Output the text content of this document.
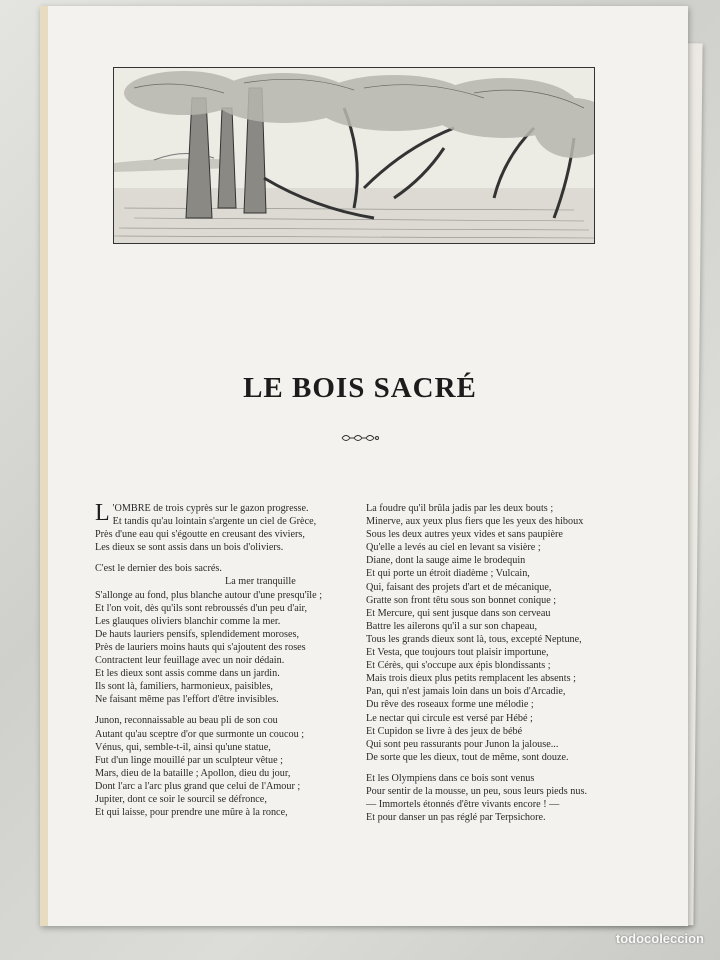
LE BOIS SACRÉ
L 'OMBRE de trois cyprès sur le gazon progresse.
Et tandis qu'au lointain s'argente un ciel de Grèce,
Près d'une eau qui s'égoutte en creusant des viviers,
Les dieux se sont assis dans un bois d'oliviers.
C'est le dernier des bois sacrés.
La mer tranquille
S'allonge au fond, plus blanche autour d'une presqu'île ;
Et l'on voit, dès qu'ils sont rebroussés d'un peu d'air,
Les glauques oliviers blanchir comme la mer.
De hauts lauriers pensifs, splendidement moroses,
Près de lauriers moins hauts qui s'ajoutent des roses
Contractent leur feuillage avec un noir dédain.
Et les dieux sont assis comme dans un jardin.
Ils sont là, familiers, harmonieux, paisibles,
Ne faisant même pas l'effort d'être invisibles.
Junon, reconnaissable au beau pli de son cou
Autant qu'au sceptre d'or que surmonte un coucou ;
Vénus, qui, semble-t-il, ainsi qu'une statue,
Fut d'un linge mouillé par un sculpteur vêtue ;
Mars, dieu de la bataille ; Apollon, dieu du jour,
Dont l'arc a l'arc plus grand que celui de l'Amour ;
Jupiter, dont ce soir le sourcil se défronce,
Et qui laisse, pour prendre une mûre à la ronce,
La foudre qu'il brûla jadis par les deux bouts ;
Minerve, aux yeux plus fiers que les yeux des hiboux
Sous les deux autres yeux vides et sans paupière
Qu'elle a levés au ciel en levant sa visière ;
Diane, dont la sauge aime le brodequin
Et qui porte un étroit diadème ; Vulcain,
Qui, faisant des projets d'art et de mécanique,
Gratte son front têtu sous son bonnet conique ;
Et Mercure, qui sent jusque dans son cerveau
Battre les ailerons qu'il a sur son chapeau,
Tous les grands dieux sont là, tous, excepté Neptune,
Et Vesta, que toujours tout plaisir importune,
Et Cérès, qui s'occupe aux épis blondissants ;
Mais trois dieux plus petits remplacent les absents ;
Pan, qui n'est jamais loin dans un bois d'Arcadie,
Du rêve des roseaux forme une mélodie ;
Le nectar qui circule est versé par Hébé ;
Et Cupidon se livre à des jeux de bébé
Qui sont peu rassurants pour Junon la jalouse...
De sorte que les dieux, tout de même, sont douze.
Et les Olympiens dans ce bois sont venus
Pour sentir de la mousse, un peu, sous leurs pieds nus.
— Immortels étonnés d'être vivants encore ! —
Et pour danser un pas réglé par Terpsichore.
todocoleccion
